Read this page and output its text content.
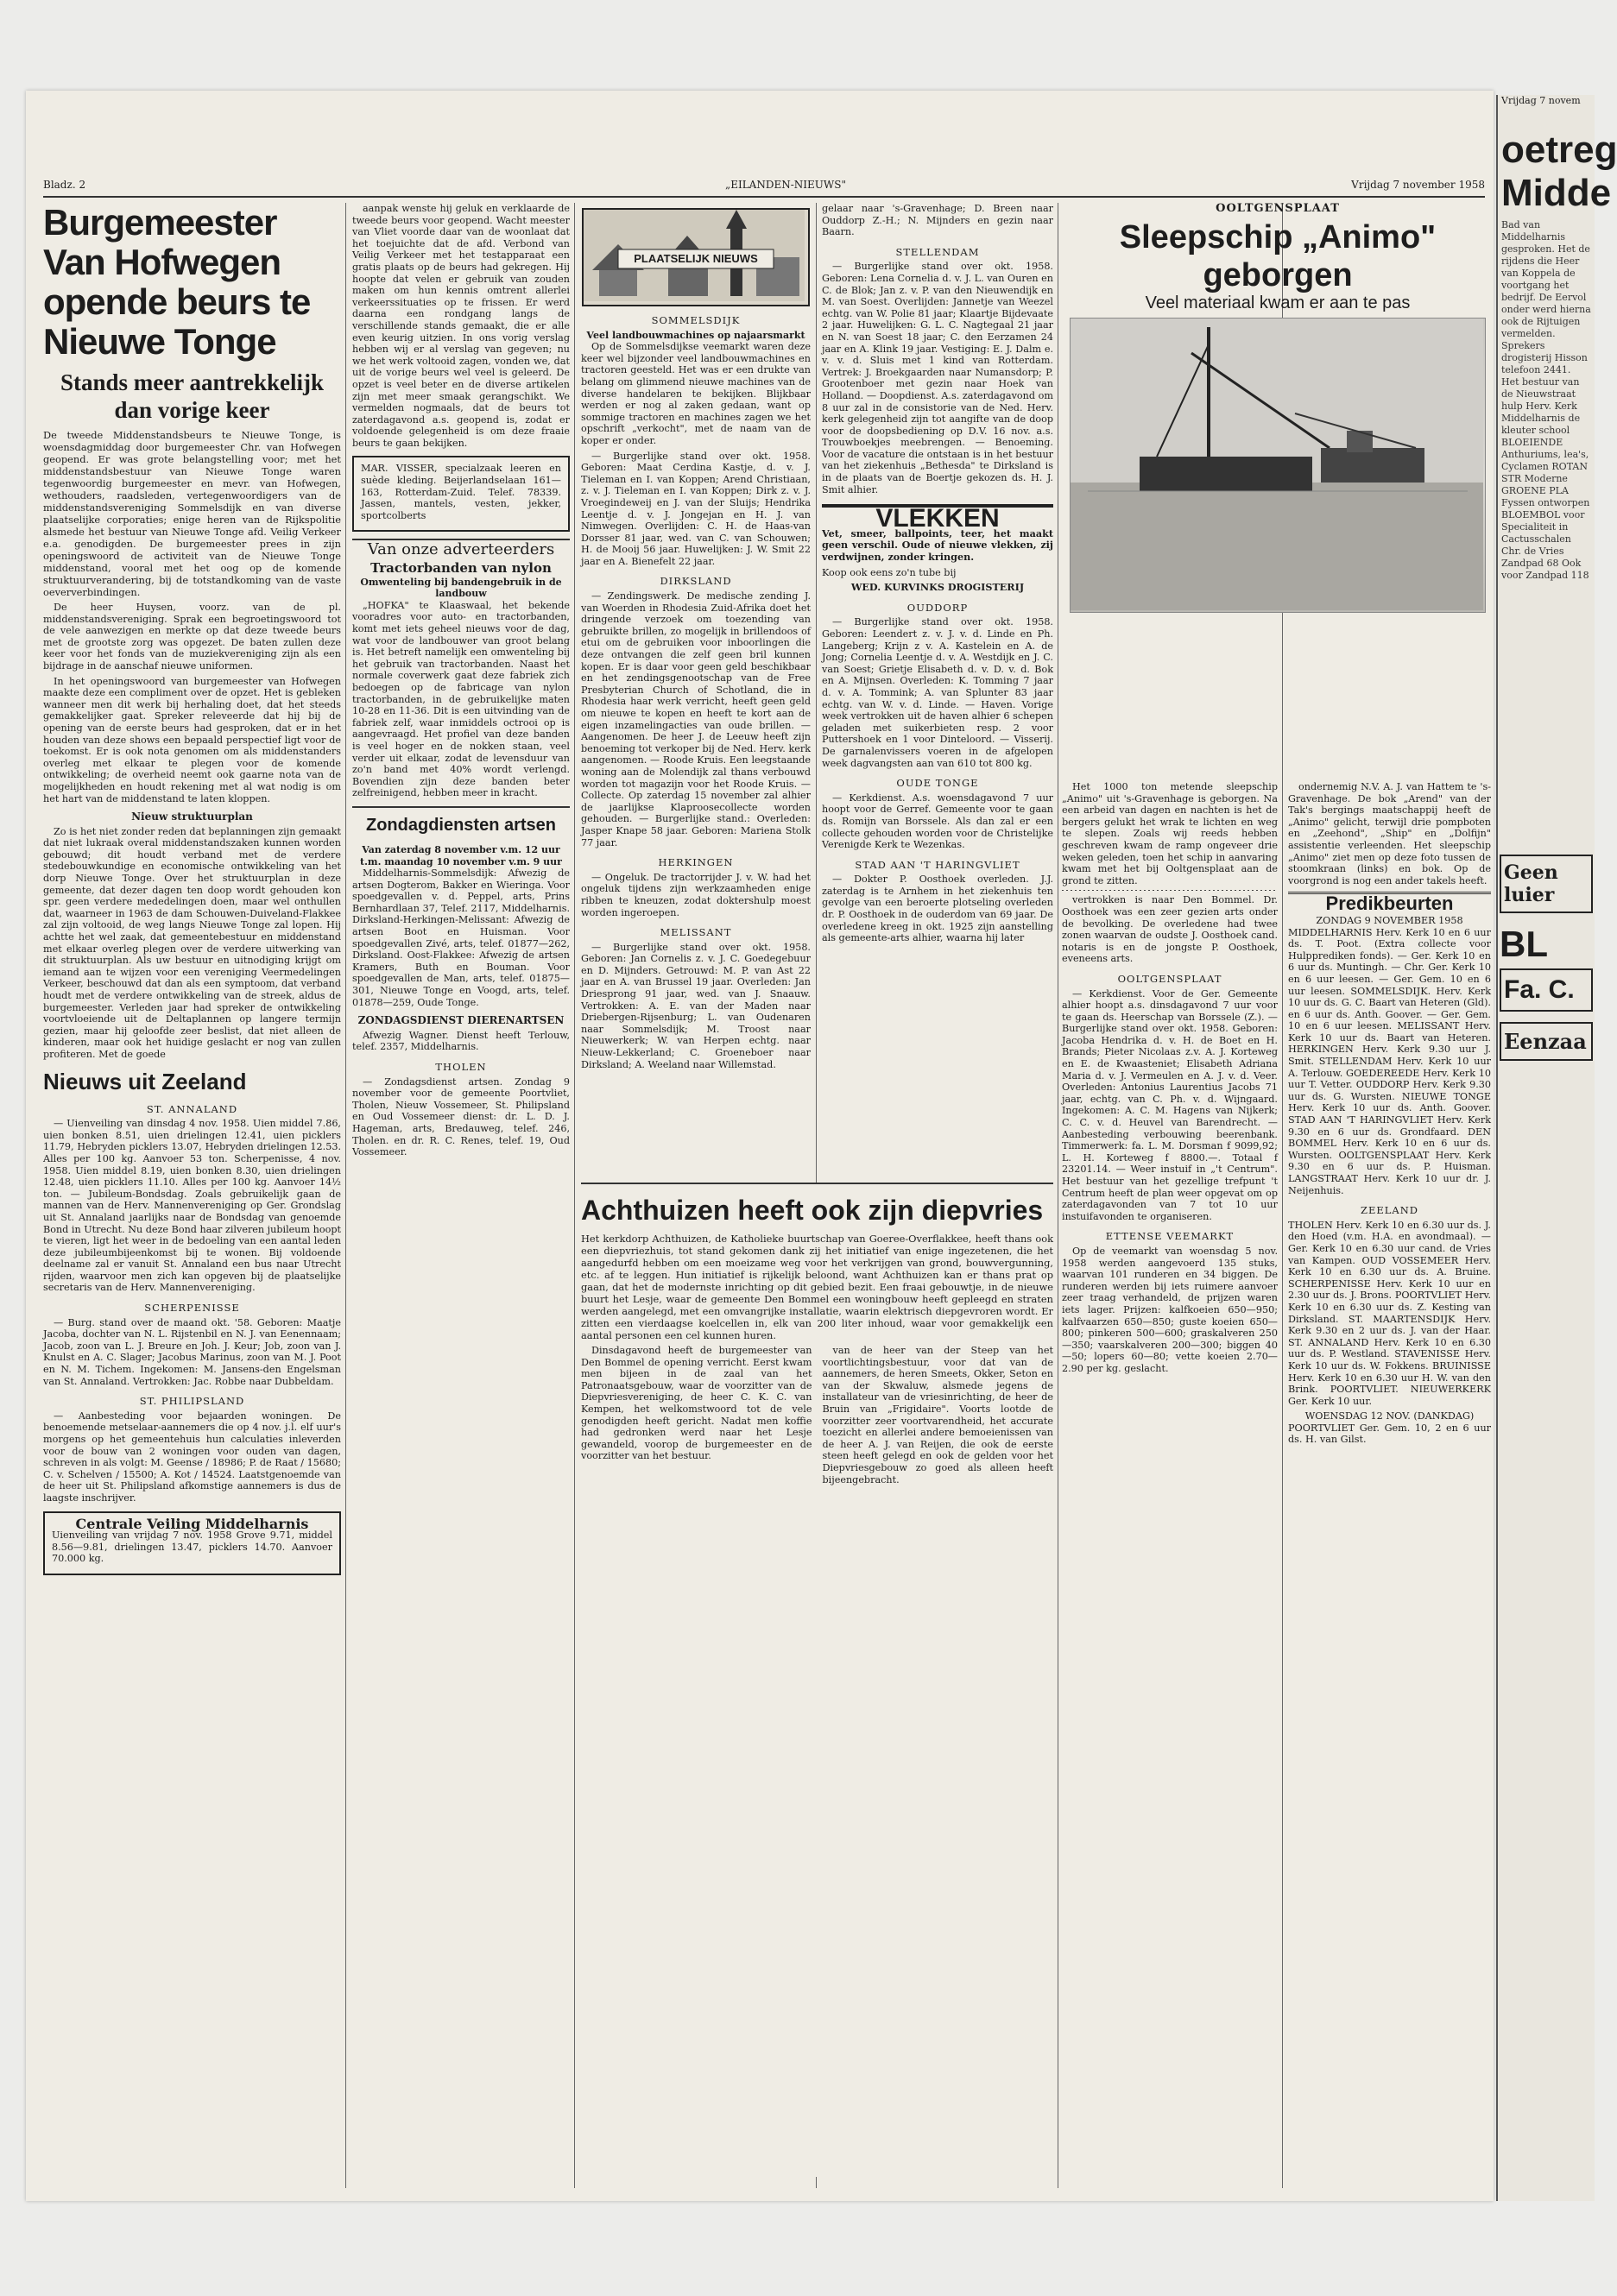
Bladz. 2	„EILANDEN-NIEUWS"	Vrijdag 7 november 1958
Burgemeester Van Hofwegen opende beurs te Nieuwe Tonge
Stands meer aantrekkelijk dan vorige keer

De tweede Middenstandsbeurs te Nieuwe Tonge, is woensdagmiddag door burgemeester Chr. van Hofwegen geopend. Er was grote belangstelling voor; met het middenstandsbestuur van Nieuwe Tonge waren tegenwoordig burgemeester en mevr. van Hofwegen, wethouders, raadsleden, vertegenwoordigers van de middenstandsvereniging Sommelsdijk en van diverse plaatselijke corporaties; enige heren van de Rijkspolitie alsmede het bestuur van Nieuwe Tonge afd. Veilig Verkeer e.a. genodigden. De burgemeester prees in zijn openingswoord de activiteit van de Nieuwe Tonge middenstand, vooral met het oog op de komende struktuurverandering, bij de totstandkoming van de vaste oeververbindingen.

De heer Huysen, voorz. van de pl. middenstandsvereniging. Sprak een begroetingswoord tot de vele aanwezigen en merkte op dat deze tweede beurs met de grootste zorg was opgezet. De baten zullen deze keer voor het fonds van de muziekvereniging zijn als een bijdrage in de aanschaf nieuwe uniformen.

In het openingswoord van burgemeester van Hofwegen maakte deze een compliment over de opzet. Het is gebleken wanneer men dit werk bij herhaling doet, dat het steeds gemakkelijker gaat. Spreker releveerde dat hij bij de opening van de eerste beurs had gesproken, dat er in het houden van deze shows een bepaald perspectief ligt voor de toekomst. Er is ook nota genomen om als middenstanders overleg met elkaar te plegen voor de komende ontwikkeling; de overheid neemt ook gaarne nota van de mogelijkheden en houdt rekening met al wat nodig is om het hart van de middenstand te laten kloppen.

Nieuw struktuurplan

Zo is het niet zonder reden dat beplanningen zijn gemaakt dat niet lukraak overal middenstandszaken kunnen worden gebouwd; dit houdt verband met de verdere stedebouwkundige en economische ontwikkeling van het dorp Nieuwe Tonge. Over het struktuurplan in deze gemeente, dat dezer dagen ten doop wordt gehouden kon spr. geen verdere mededelingen doen, maar wel onthullen dat, waarneer in 1963 de dam Schouwen-Duiveland-Flakkee zal zijn voltooid, de weg langs Nieuwe Tonge zal lopen. Hij achtte het wel zaak, dat gemeentebestuur en middenstand met elkaar overleg plegen over de verdere uitwerking van dit struktuurplan. Als uw bestuur en uitnodiging krijgt om iemand aan te wijzen voor een vereniging Veermedelingen Verkeer, beschouwd dat dan als een symptoom, dat verband houdt met de verdere ontwikkeling van de streek, aldus de burgemeester. Verleden jaar had spreker de ontwikkeling voortvloeiende uit de Deltaplannen op langere termijn gezien, maar hij geloofde zeer beslist, dat niet alleen de kinderen, maar ook het huidige geslacht er nog van zullen profiteren. Met de goede

Nieuws uit Zeeland
ST. ANNALAND

— Uienveiling van dinsdag 4 nov. 1958. Uien middel 7.86, uien bonken 8.51, uien drielingen 12.41, uien picklers 11.79, Hebryden picklers 13.07, Hebryden drielingen 12.53. Alles per 100 kg. Aanvoer 53 ton. Scherpenisse, 4 nov. 1958. Uien middel 8.19, uien bonken 8.30, uien drielingen 12.48, uien picklers 11.10. Alles per 100 kg. Aanvoer 14½ ton. — Jubileum-Bondsdag. Zoals gebruikelijk gaan de mannen van de Herv. Mannenvereniging op Ger. Grondslag uit St. Annaland jaarlijks naar de Bondsdag van genoemde Bond in Utrecht. Nu deze Bond haar zilveren jubileum hoopt te vieren, ligt het weer in de bedoeling van een aantal leden deze jubileumbijeenkomst bij te wonen. Bij voldoende deelname zal er vanuit St. Annaland een bus naar Utrecht rijden, waarvoor men zich kan opgeven bij de plaatselijke secretaris van de Herv. Mannenvereniging.

SCHERPENISSE

— Burg. stand over de maand okt. '58. Geboren: Maatje Jacoba, dochter van N. L. Rijstenbil en N. J. van Eenennaam; Jacob, zoon van L. J. Breure en Joh. J. Keur; Job, zoon van J. Knulst en A. C. Slager; Jacobus Marinus, zoon van M. J. Poot en N. M. Tichem. Ingekomen: M. Jansens-den Engelsman van St. Annaland. Vertrokken: Jac. Robbe naar Dubbeldam.

ST. PHILIPSLAND

— Aanbesteding voor bejaarden woningen. De benoemende metselaar-aannemers die op 4 nov. j.l. elf uur's morgens op het gemeentehuis hun calculaties inleverden voor de bouw van 2 woningen voor ouden van dagen, schreven in als volgt: M. Geense / 18986; P. de Raat / 15680; C. v. Schelven / 15500; A. Kot / 14524. Laatstgenoemde van de heer uit St. Philipsland afkomstige aannemers is dus de laagste inschrijver.

Centrale Veiling Middelharnis

Uienveiling van vrijdag 7 nov. 1958 Grove 9.71, middel 8.56—9.81, drielingen 13.47, picklers 14.70. Aanvoer 70.000 kg.

aanpak wenste hij geluk en verklaarde de tweede beurs voor geopend. Wacht meester van Vliet voorde daar van de woonlaat dat het toejuichte dat de afd. Verbond van Veilig Verkeer met het testapparaat een gratis plaats op de beurs had gekregen. Hij hoopte dat velen er gebruik van zouden maken om hun kennis omtrent allerlei verkeerssituaties op te frissen. Er werd daarna een rondgang langs de verschillende stands gemaakt, die er alle even keurig uitzien. In ons vorig verslag hebben wij er al verslag van gegeven; nu we het werk voltooid zagen, vonden we, dat uit de vorige beurs wel veel is geleerd. De opzet is veel beter en de diverse artikelen zijn met meer smaak gerangschikt. We vermelden nogmaals, dat de beurs tot zaterdagavond a.s. geopend is, zodat er voldoende gelegenheid is om deze fraaie beurs te gaan bekijken.

MAR. VISSER, specialzaak leeren en suède kleding. Beijerlandselaan 161—163, Rotterdam-Zuid. Telef. 78339. Jassen, mantels, vesten, jekker, sportcolberts

Van onze adverteerders
Tractorbanden van nylon
Omwenteling bij bandengebruik in de landbouw

„HOFKA" te Klaaswaal, het bekende vooradres voor auto- en tractorbanden, komt met iets geheel nieuws voor de dag, wat voor de landbouwer van groot belang is. Het betreft namelijk een omwenteling bij het gebruik van tractorbanden. Naast het normale coverwerk gaat deze fabriek zich bedoegen op de fabricage van nylon tractorbanden, in de gebruikelijke maten 10-28 en 11-36. Dit is een uitvinding van de fabriek zelf, waar inmiddels octrooi op is aangevraagd. Het profiel van deze banden is veel hoger en de nokken staan, veel verder uit elkaar, zodat de levensduur van zo'n band met 40% wordt verlengd. Bovendien zijn deze banden beter zelfreinigend, hebben meer in kracht.

Zondagdiensten artsen
Van zaterdag 8 november v.m. 12 uur t.m. maandag 10 november v.m. 9 uur

Middelharnis-Sommelsdijk: Afwezig de artsen Dogterom, Bakker en Wieringa. Voor spoedgevallen v. d. Peppel, arts, Prins Bernhardlaan 37, Telef. 2117, Middelharnis. Dirksland-Herkingen-Melissant: Afwezig de artsen Boot en Huisman. Voor spoedgevallen Zivé, arts, telef. 01877—262, Dirksland. Oost-Flakkee: Afwezig de artsen Kramers, Buth en Bouman. Voor spoedgevallen de Man, arts, telef. 01875—301, Nieuwe Tonge en Voogd, arts, telef. 01878—259, Oude Tonge.

ZONDAGSDIENST DIERENARTSEN

Afwezig Wagner. Dienst heeft Terlouw, telef. 2357, Middelharnis.

THOLEN

— Zondagsdienst artsen. Zondag 9 november voor de gemeente Poortvliet, Tholen, Nieuw Vossemeer, St. Philipsland en Oud Vossemeer dienst: dr. L. D. J. Hageman, arts, Bredauweg, telef. 246, Tholen. en dr. R. C. Renes, telef. 19, Oud Vossemeer.

PLAATSELIJK NIEUWS
SOMMELSDIJK
Veel landbouwmachines op najaarsmarkt

Op de Sommelsdijkse veemarkt waren deze keer wel bijzonder veel landbouwmachines en tractoren geesteld. Het was er een drukte van belang om glimmend nieuwe machines van de diverse handelaren te bekijken. Blijkbaar werden er nog al zaken gedaan, want op sommige tractoren en machines zagen we het opschrift „verkocht", met de naam van de koper er onder.

— Burgerlijke stand over okt. 1958. Geboren: Maat Cerdina Kastje, d. v. J. Tieleman en I. van Koppen; Arend Christiaan, z. v. J. Tieleman en I. van Koppen; Dirk z. v. J. Vroegindeweij en J. van der Sluijs; Hendrika Leentje d. v. J. Jongejan en H. J. van Nimwegen. Overlijden: C. H. de Haas-van Dorsser 81 jaar, wed. van C. van Schouwen; H. de Mooij 56 jaar. Huwelijken: J. W. Smit 22 jaar en A. Bienefelt 22 jaar.

DIRKSLAND

— Zendingswerk. De medische zending J. van Woerden in Rhodesia Zuid-Afrika doet het dringende verzoek om toezending van gebruikte brillen, zo mogelijk in brillendoos of etui om de gebruiken voor inboorlingen die deze ontvangen die zelf geen bril kunnen kopen. Er is daar voor geen geld beschikbaar en het zendingsgenootschap van de Free Presbyterian Church of Schotland, die in Rhodesia haar werk verricht, heeft geen geld om nieuwe te kopen en heeft te kort aan de eigen inzamelingacties van oude brillen. — Aangenomen. De heer J. de Leeuw heeft zijn benoeming tot verkoper bij de Ned. Herv. kerk aangenomen. — Roode Kruis. Een leegstaande woning aan de Molendijk zal thans verbouwd worden tot magazijn voor het Roode Kruis. — Collecte. Op zaterdag 15 november zal alhier de jaarlijkse Klaproosecollecte worden gehouden. — Burgerlijke stand.: Overleden: Jasper Knape 58 jaar. Geboren: Mariena Stolk 77 jaar.

HERKINGEN

— Ongeluk. De tractorrijder J. v. W. had het ongeluk tijdens zijn werkzaamheden enige ribben te kneuzen, zodat doktershulp moest worden ingeroepen.

MELISSANT

— Burgerlijke stand over okt. 1958. Geboren: Jan Cornelis z. v. J. C. Goedegebuur en D. Mijnders. Getrouwd: M. P. van Ast 22 jaar en A. van Brussel 19 jaar. Overleden: Jan Driesprong 91 jaar, wed. van J. Snaauw. Vertrokken: A. E. van der Maden naar Driebergen-Rijsenburg; L. van Oudenaren naar Sommelsdijk; M. Troost naar Nieuwerkerk; W. van Herpen echtg. naar Nieuw-Lekkerland; C. Groeneboer naar Dirksland; A. Weeland naar Willemstad.

gelaar naar 's-Gravenhage; D. Breen naar Ouddorp Z.-H.; N. Mijnders en gezin naar Baarn.

STELLENDAM

— Burgerlijke stand over okt. 1958. Geboren: Lena Cornelia d. v. J. L. van Ouren en C. de Blok; Jan z. v. P. van den Nieuwendijk en M. van Soest. Overlijden: Jannetje van Weezel echtg. van W. Polie 81 jaar; Klaartje Bijdevaate 2 jaar. Huwelijken: G. L. C. Nagtegaal 21 jaar en N. van Soest 18 jaar; C. den Eerzamen 24 jaar en A. Klink 19 jaar. Vestiging: E. J. Dalm e. v. v. d. Sluis met 1 kind van Rotterdam. Vertrek: J. Broekgaarden naar Numansdorp; P. Grootenboer met gezin naar Hoek van Holland. — Doopdienst. A.s. zaterdagavond om 8 uur zal in de consistorie van de Ned. Herv. kerk gelegenheid zijn tot aangifte van de doop voor de doopsbediening op D.V. 16 nov. a.s. Trouwboekjes meebrengen. — Benoeming. Voor de vacature die ontstaan is in het bestuur van het ziekenhuis „Bethesda" te Dirksland is in de plaats van de Boertje gekozen ds. H. J. Smit alhier.

VLEKKEN

Vet, smeer, ballpoints, teer, het maakt geen verschil. Oude of nieuwe vlekken, zij verdwijnen, zonder kringen.

Koop ook eens zo'n tube bij

WED. KURVINKS DROGISTERIJ
OUDDORP

— Burgerlijke stand over okt. 1958. Geboren: Leendert z. v. J. v. d. Linde en Ph. Langeberg; Krijn z v. A. Kastelein en A. de Jong; Cornelia Leentje d. v. A. Westdijk en J. C. van Soest; Grietje Elisabeth d. v. D. v. d. Bok en A. Mijnsen. Overleden: K. Tomming 7 jaar d. v. A. Tommink; A. van Splunter 83 jaar echtg. van W. v. d. Linde. — Haven. Vorige week vertrokken uit de haven alhier 6 schepen geladen met suikerbieten resp. 2 voor Puttershoek en 1 voor Dinteloord. — Visserij. De garnalenvissers voeren in de afgelopen week dagvangsten aan van 610 tot 800 kg.

OUDE TONGE

— Kerkdienst. A.s. woensdagavond 7 uur hoopt voor de Gerref. Gemeente voor te gaan ds. Romijn van Borssele. Als dan zal er een collecte gehouden worden voor de Christelijke Verenigde Kerk te Wezenkas.

STAD AAN 'T HARINGVLIET

— Dokter P. Oosthoek overleden. J.J. zaterdag is te Arnhem in het ziekenhuis ten gevolge van een beroerte plotseling overleden dr. P. Oosthoek in de ouderdom van 69 jaar. De overledene kreeg in okt. 1925 zijn aanstelling als gemeente-arts alhier, waarna hij later

OOLTGENSPLAAT
Sleepschip „Animo" geborgen
Veel materiaal kwam er aan te pas

Het 1000 ton metende sleepschip „Animo" uit 's-Gravenhage is geborgen. Na een arbeid van dagen en nachten is het de bergers gelukt het wrak te lichten en weg te slepen. Zoals wij reeds hebben geschreven kwam de ramp ongeveer drie weken geleden, toen het schip in aanvaring kwam met het bij Ooltgensplaat aan de grond te zitten.

vertrokken is naar Den Bommel. Dr. Oosthoek was een zeer gezien arts onder de bevolking. De overledene had twee zonen waarvan de oudste J. Oosthoek cand. notaris is en de jongste P. Oosthoek, eveneens arts.

OOLTGENSPLAAT

— Kerkdienst. Voor de Ger. Gemeente alhier hoopt a.s. dinsdagavond 7 uur voor te gaan ds. Heerschap van Borssele (Z.). — Burgerlijke stand over okt. 1958. Geboren: Jacoba Hendrika d. v. H. de Boet en H. Brands; Pieter Nicolaas z.v. A. J. Korteweg en E. de Kwaasteniet; Elisabeth Adriana Maria d. v. J. Vermeulen en A. J. v. d. Veer. Overleden: Antonius Laurentius Jacobs 71 jaar, echtg. van C. Ph. v. d. Wijngaard. Ingekomen: A. C. M. Hagens van Nijkerk; C. C. v. d. Heuvel van Barendrecht. — Aanbesteding verbouwing beerenbank. Timmerwerk: fa. L. M. Dorsman f 9099,92; L. H. Korteweg f 8800.—. Totaal f 23201.14. — Weer instuif in „'t Centrum". Het bestuur van het gezellige trefpunt 't Centrum heeft de plan weer opgevat om op zaterdagavonden van 7 tot 10 uur instuifavonden te organiseren.

ETTENSE VEEMARKT

Op de veemarkt van woensdag 5 nov. 1958 werden aangevoerd 135 stuks, waarvan 101 runderen en 34 biggen. De runderen werden bij iets ruimere aanvoer zeer traag verhandeld, de prijzen waren iets lager. Prijzen: kalfkoeien 650—950; kalfvaarzen 650—850; guste koeien 650—800; pinkeren 500—600; graskalveren 250—350; vaarskalveren 200—300; biggen 40—50; lopers 60—80; vette koeien 2.70—2.90 per kg. geslacht.

ondernemig N.V. A. J. van Hattem te 's-Gravenhage. De bok „Arend" van der Tak's bergings maatschappij heeft de „Animo" gelicht, terwijl drie pompboten en „Zeehond", „Ship" en „Dolfijn" assistentie verleenden. Het sleepschip „Animo" ziet men op deze foto tussen de stoomkraan (links) en bok. Op de voorgrond is nog een ander takels heeft.

Predikbeurten
ZONDAG 9 NOVEMBER 1958

MIDDELHARNIS Herv. Kerk 10 en 6 uur ds. T. Poot. (Extra collecte voor Hulpprediken fonds). — Ger. Kerk 10 en 6 uur ds. Muntingh. — Chr. Ger. Kerk 10 en 6 uur leesen. — Ger. Gem. 10 en 6 uur leesen. SOMMELSDIJK. Herv. Kerk 10 uur ds. G. C. Baart van Heteren (Gld). en 6 uur ds. Anth. Goover. — Ger. Gem. 10 en 6 uur leesen. MELISSANT Herv. Kerk 10 uur ds. Baart van Heteren. HERKINGEN Herv. Kerk 9.30 uur J. Smit. STELLENDAM Herv. Kerk 10 uur A. Terlouw. GOEDEREEDE Herv. Kerk 10 uur T. Vetter. OUDDORP Herv. Kerk 9.30 uur ds. G. Wursten. NIEUWE TONGE Herv. Kerk 10 uur ds. Anth. Goover. STAD AAN 'T HARINGVLIET Herv. Kerk 9.30 en 6 uur ds. Grondfaard. DEN BOMMEL Herv. Kerk 10 en 6 uur ds. Wursten. OOLTGENSPLAAT Herv. Kerk 9.30 en 6 uur ds. P. Huisman. LANGSTRAAT Herv. Kerk 10 uur dr. J. Neijenhuis.

ZEELAND

THOLEN Herv. Kerk 10 en 6.30 uur ds. J. den Hoed (v.m. H.A. en avondmaal). — Ger. Kerk 10 en 6.30 uur cand. de Vries van Kampen. OUD VOSSEMEER Herv. Kerk 10 en 6.30 uur ds. A. Bruine. SCHERPENISSE Herv. Kerk 10 uur en 2.30 uur ds. J. Brons. POORTVLIET Herv. Kerk 10 en 6.30 uur ds. Z. Kesting van Dirksland. ST. MAARTENSDIJK Herv. Kerk 9.30 en 2 uur ds. J. van der Haar. ST. ANNALAND Herv. Kerk 10 en 6.30 uur ds. P. Westland. STAVENISSE Herv. Kerk 10 uur ds. W. Fokkens. BRUINISSE Herv. Kerk 10 en 6.30 uur H. W. van den Brink. POORTVLIET. NIEUWERKERK Ger. Kerk 10 uur.

WOENSDAG 12 NOV. (DANKDAG)

POORTVLIET Ger. Gem. 10, 2 en 6 uur ds. H. van Gilst.

Achthuizen heeft ook zijn diepvries

Het kerkdorp Achthuizen, de Katholieke buurtschap van Goeree-Overflakkee, heeft thans ook een diepvriezhuis, tot stand gekomen dank zij het initiatief van enige ingezetenen, die het aangedurfd hebben om een moeizame weg voor het verkrijgen van grond, bouwvergunning, etc. af te leggen. Hun initiatief is rijkelijk beloond, want Achthuizen kan er thans prat op gaan, dat het de modernste inrichting op dit gebied bezit. Een fraai gebouwtje, in de nieuwe buurt het Lesje, waar de gemeente Den Bommel een woningbouw heeft gepleegd en straten werden aangelegd, met een omvangrijke installatie, waarin elektrisch diepgevroren wordt. Er zitten een vierdaagse koelcellen in, elk van 200 liter inhoud, waar voor gemakkelijk een aantal personen een cel kunnen huren.

Dinsdagavond heeft de burgemeester van Den Bommel de opening verricht. Eerst kwam men bijeen in de zaal van het Patronaatsgebouw, waar de voorzitter van de Diepvriesvereniging, de heer C. K. C. van Kempen, het welkomstwoord tot de vele genodigden heeft gericht. Nadat men koffie had gedronken werd naar het Lesje gewandeld, voorop de burgemeester en de voorzitter van het bestuur.

van de heer van der Steep van het voortlichtingsbestuur, voor dat van de aannemers, de heren Smeets, Okker, Seton en van der Skwaluw, alsmede jegens de installateur van de vriesinrichting, de heer de Bruin van „Frigidaire". Voorts lootde de voorzitter zeer voortvarendheid, het accurate toezicht en allerlei andere bemoeienissen van de heer A. J. van Reijen, die ook de eerste steen heeft gelegd en ook de gelden voor het Diepvriesgebouw zo goed als alleen heeft bijeengebracht.

Vrijdag 7 novem
oetreg
Midde
Bad van Middelharnis gesproken. Het de rijdens die Heer van Koppela de voortgang het bedrijf. De Eervol onder werd hierna ook de Rijtuigen vermelden. Sprekers drogisterij Hisson telefoon 2441. Het bestuur van de Nieuwstraat hulp Herv. Kerk Middelharnis de kleuter school BLOEIENDE Anthuriums, lea's, Cyclamen ROTAN STR Moderne GROENE PLA Fyssen ontworpen BLOEMBOL voor Specialiteit in Cactusschalen Chr. de Vries Zandpad 68 Ook voor Zandpad 118
Geen luier
BL
Fa. C.
Eenzaa
